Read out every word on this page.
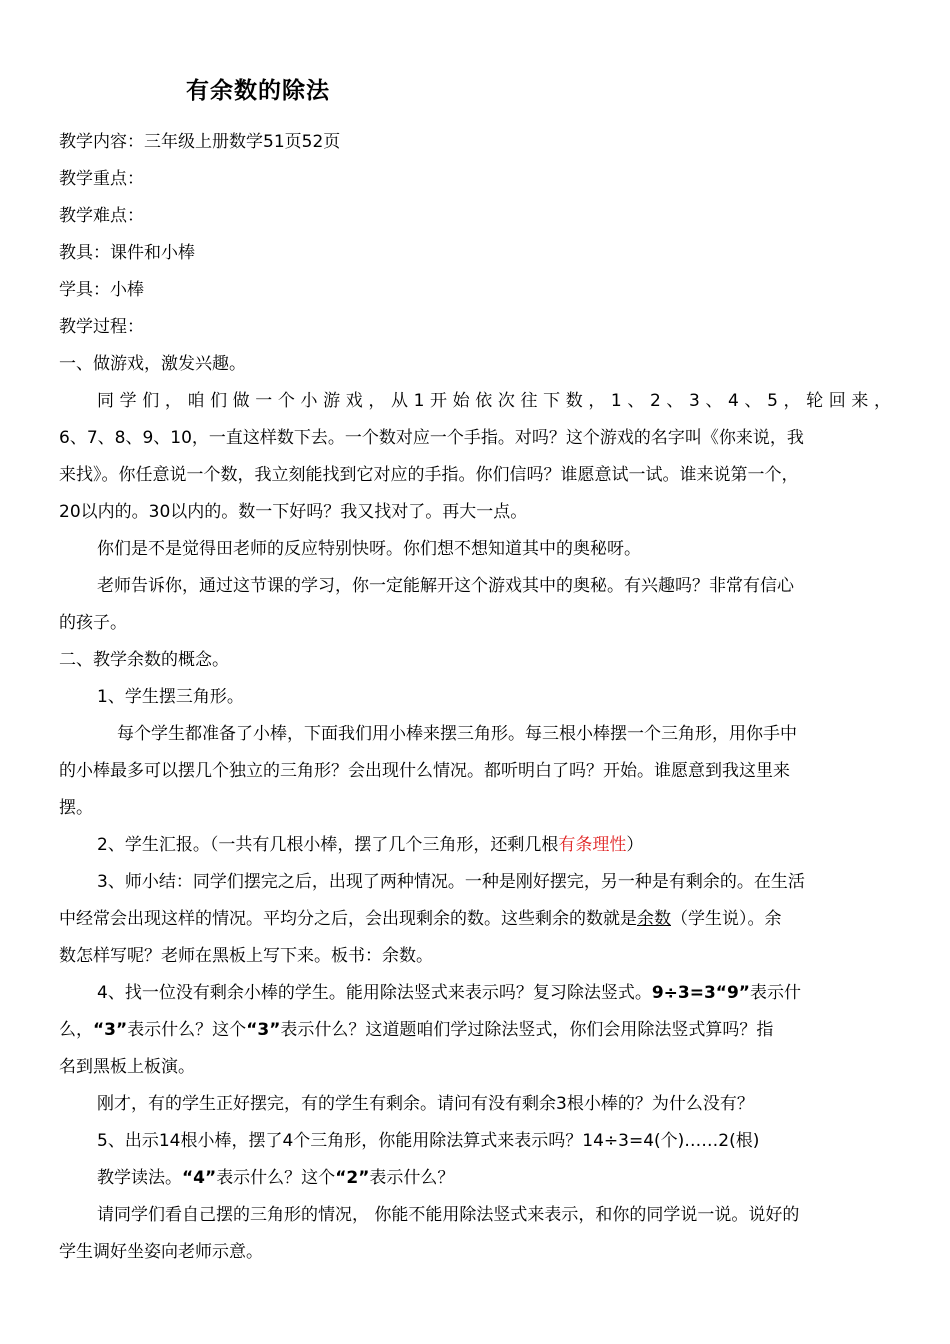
有余数的除法
教学内容：三年级上册数学51页52页
教学重点：
教学难点：
教具：课件和小棒
学具：小棒
教学过程：
一、做游戏，激发兴趣。
同学们，咱们做一个小游戏，从1开始依次往下数，1、2、3、4、5，轮回来，
6、7、8、9、10，一直这样数下去。一个数对应一个手指。对吗？这个游戏的名字叫《你来说，我
来找》。你任意说一个数，我立刻能找到它对应的手指。你们信吗？谁愿意试一试。谁来说第一个，
20以内的。30以内的。数一下好吗？我又找对了。再大一点。
你们是不是觉得田老师的反应特别快呀。你们想不想知道其中的奥秘呀。
老师告诉你，通过这节课的学习，你一定能解开这个游戏其中的奥秘。有兴趣吗？非常有信心
的孩子。
二、教学余数的概念。
1、学生摆三角形。
每个学生都准备了小棒，下面我们用小棒来摆三角形。每三根小棒摆一个三角形，用你手中
的小棒最多可以摆几个独立的三角形？会出现什么情况。都听明白了吗？开始。谁愿意到我这里来
摆。
2、学生汇报。（一共有几根小棒，摆了几个三角形，还剩几根有条理性）
3、师小结：同学们摆完之后，出现了两种情况。一种是刚好摆完，另一种是有剩余的。在生活
中经常会出现这样的情况。平均分之后，会出现剩余的数。这些剩余的数就是余数（学生说）。余
数怎样写呢？老师在黑板上写下来。板书：余数。
4、找一位没有剩余小棒的学生。能用除法竖式来表示吗？复习除法竖式。9÷3=3“9”表示什
么，“3”表示什么？这个“3”表示什么？这道题咱们学过除法竖式，你们会用除法竖式算吗？指
名到黑板上板演。
刚才，有的学生正好摆完，有的学生有剩余。请问有没有剩余3根小棒的？为什么没有？
5、出示14根小棒，摆了4个三角形，你能用除法算式来表示吗？14÷3=4(个)……2(根)
教学读法。“4”表示什么？这个“2”表示什么？
请同学们看自己摆的三角形的情况， 你能不能用除法竖式来表示，和你的同学说一说。说好的
学生调好坐姿向老师示意。
